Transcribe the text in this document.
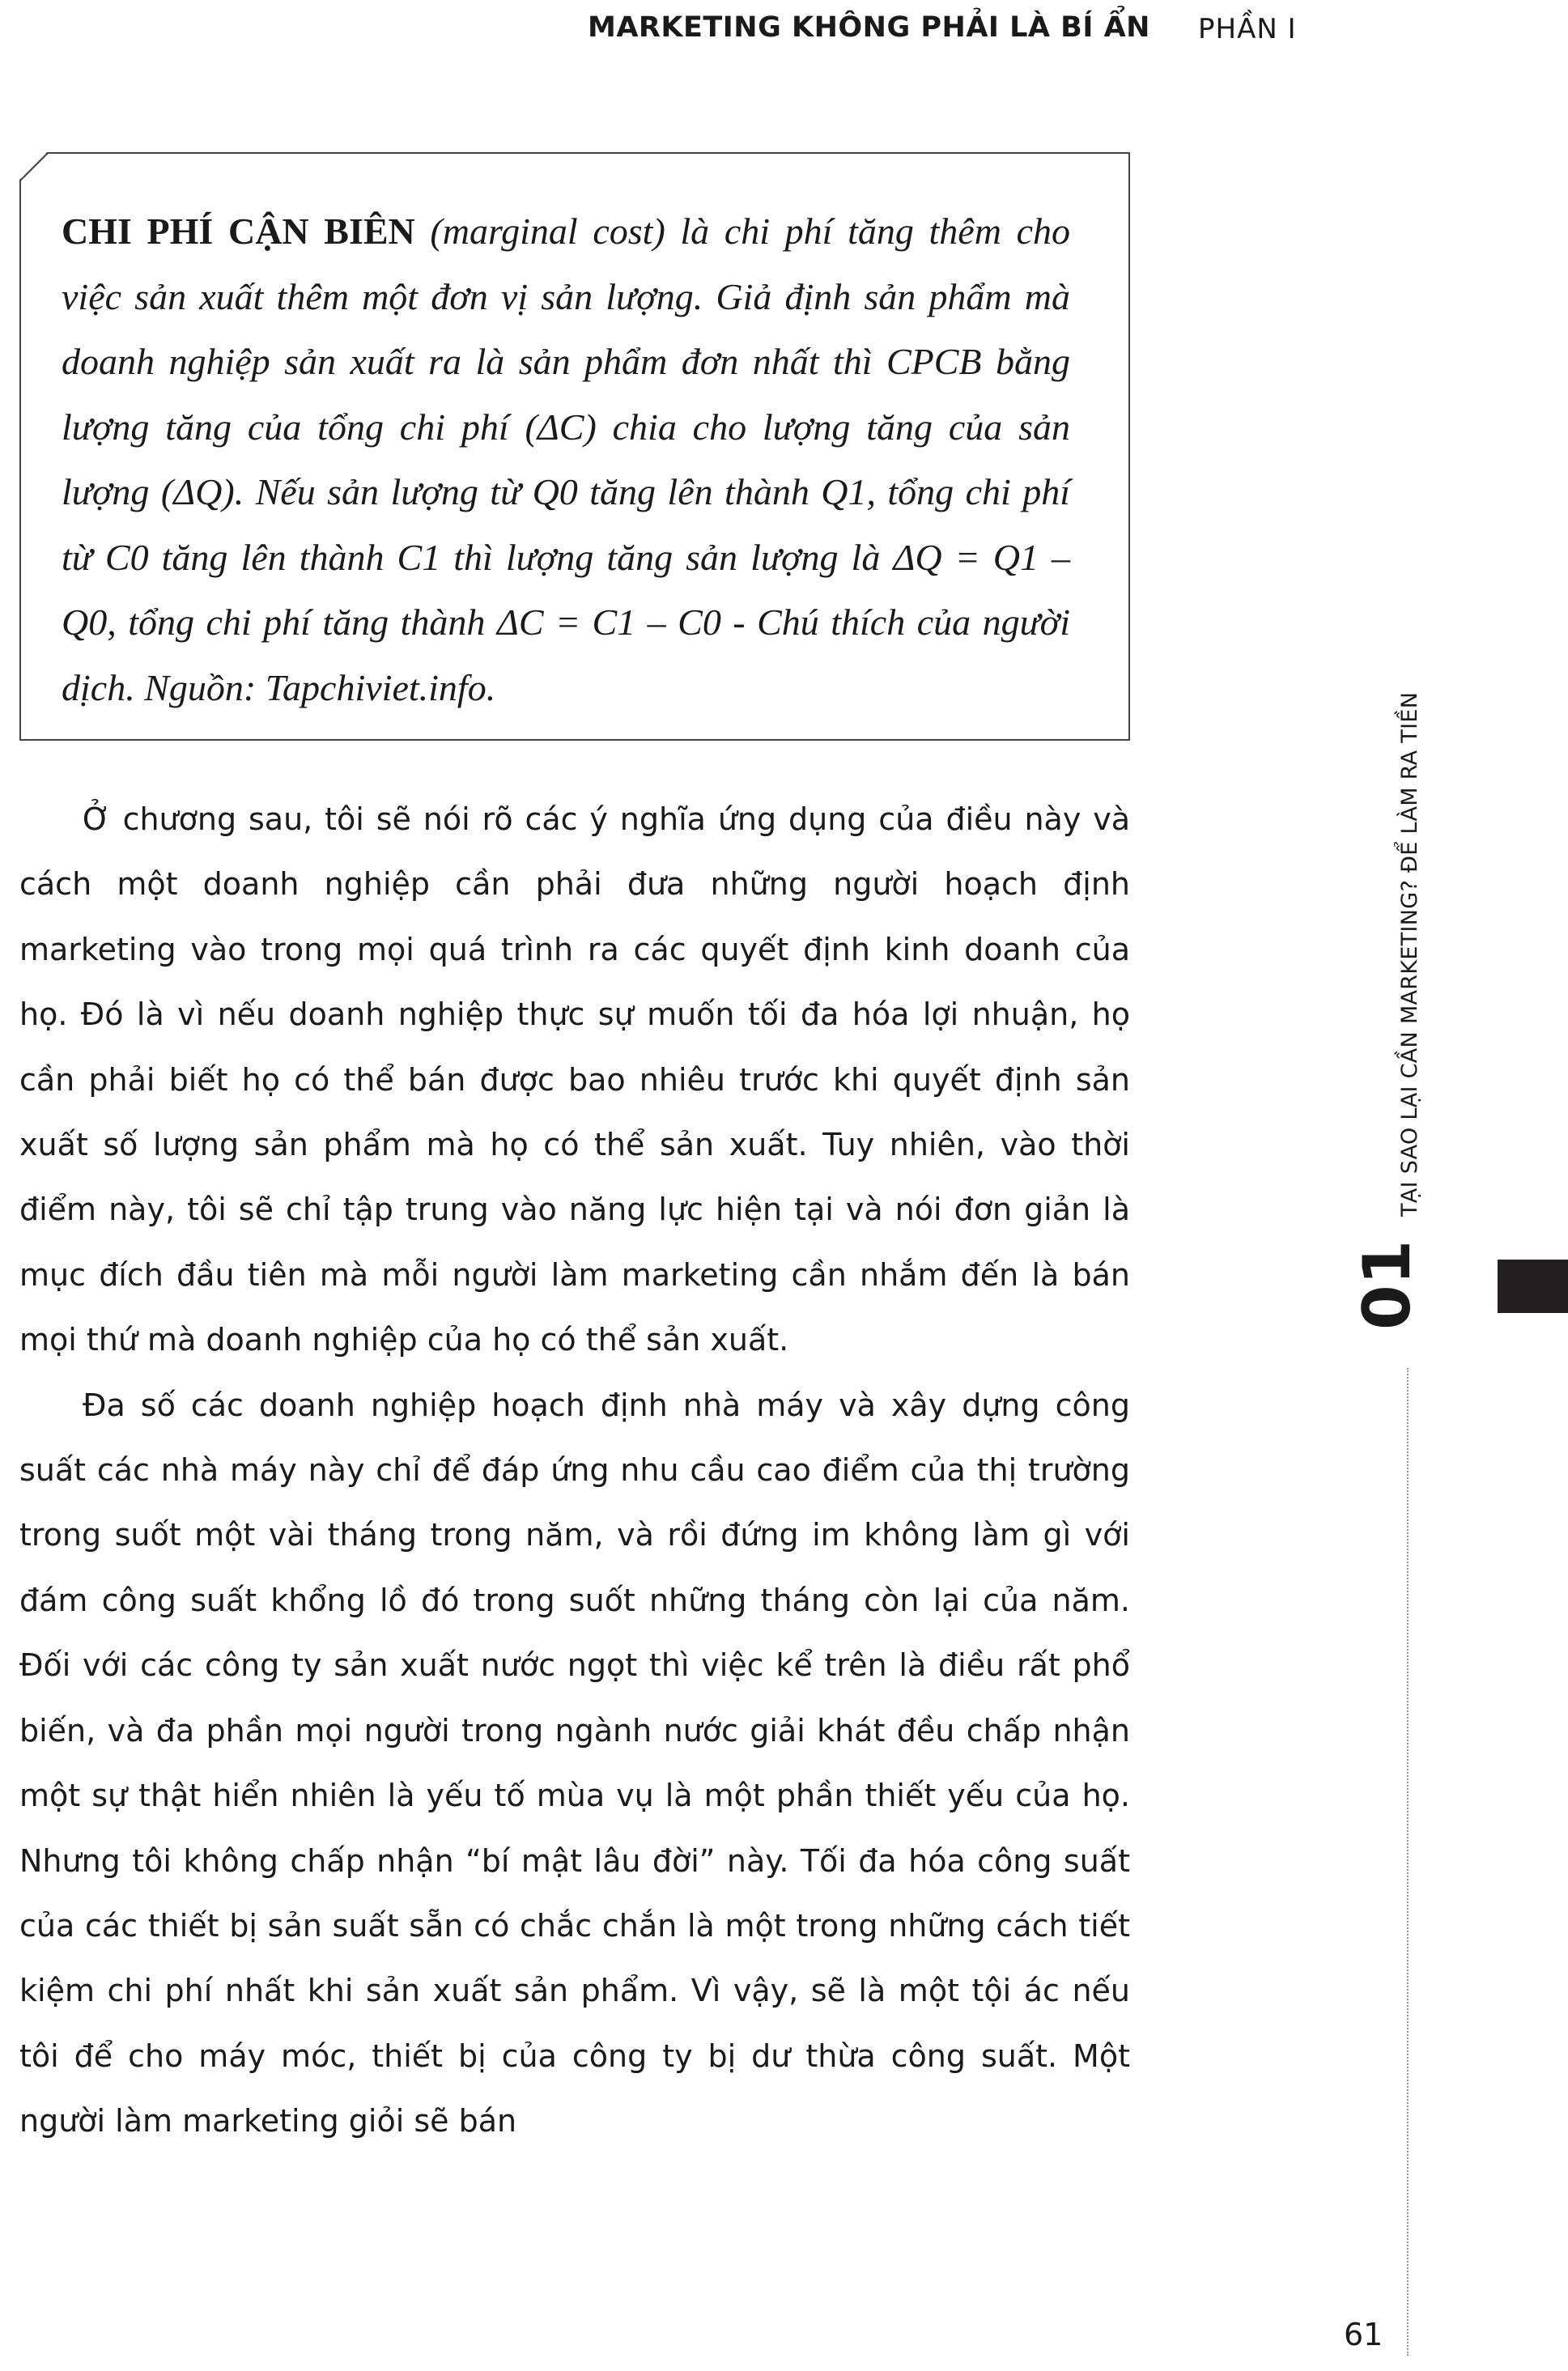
MARKETING KHÔNG PHẢI LÀ BÍ ẨN PHẦN I
CHI PHÍ CẬN BIÊN (marginal cost) là chi phí tăng thêm cho việc sản xuất thêm một đơn vị sản lượng. Giả định sản phẩm mà doanh nghiệp sản xuất ra là sản phẩm đơn nhất thì CPCB bằng lượng tăng của tổng chi phí (ΔC) chia cho lượng tăng của sản lượng (ΔQ). Nếu sản lượng từ Q0 tăng lên thành Q1, tổng chi phí từ C0 tăng lên thành C1 thì lượng tăng sản lượng là ΔQ = Q1 – Q0, tổng chi phí tăng thành ΔC = C1 – C0 - Chú thích của người dịch. Nguồn: Tapchiviet.info.

Ở chương sau, tôi sẽ nói rõ các ý nghĩa ứng dụng của điều này và cách một doanh nghiệp cần phải đưa những người hoạch định marketing vào trong mọi quá trình ra các quyết định kinh doanh của họ. Đó là vì nếu doanh nghiệp thực sự muốn tối đa hóa lợi nhuận, họ cần phải biết họ có thể bán được bao nhiêu trước khi quyết định sản xuất số lượng sản phẩm mà họ có thể sản xuất. Tuy nhiên, vào thời điểm này, tôi sẽ chỉ tập trung vào năng lực hiện tại và nói đơn giản là mục đích đầu tiên mà mỗi người làm marketing cần nhắm đến là bán mọi thứ mà doanh nghiệp của họ có thể sản xuất.

Đa số các doanh nghiệp hoạch định nhà máy và xây dựng công suất các nhà máy này chỉ để đáp ứng nhu cầu cao điểm của thị trường trong suốt một vài tháng trong năm, và rồi đứng im không làm gì với đám công suất khổng lồ đó trong suốt những tháng còn lại của năm. Đối với các công ty sản xuất nước ngọt thì việc kể trên là điều rất phổ biến, và đa phần mọi người trong ngành nước giải khát đều chấp nhận một sự thật hiển nhiên là yếu tố mùa vụ là một phần thiết yếu của họ. Nhưng tôi không chấp nhận “bí mật lâu đời” này. Tối đa hóa công suất của các thiết bị sản suất sẵn có chắc chắn là một trong những cách tiết kiệm chi phí nhất khi sản xuất sản phẩm. Vì vậy, sẽ là một tội ác nếu tôi để cho máy móc, thiết bị của công ty bị dư thừa công suất. Một người làm marketing giỏi sẽ bán

01
TẠI SAO LẠI CẦN MARKETING? ĐỂ LÀM RA TIỀN
61
